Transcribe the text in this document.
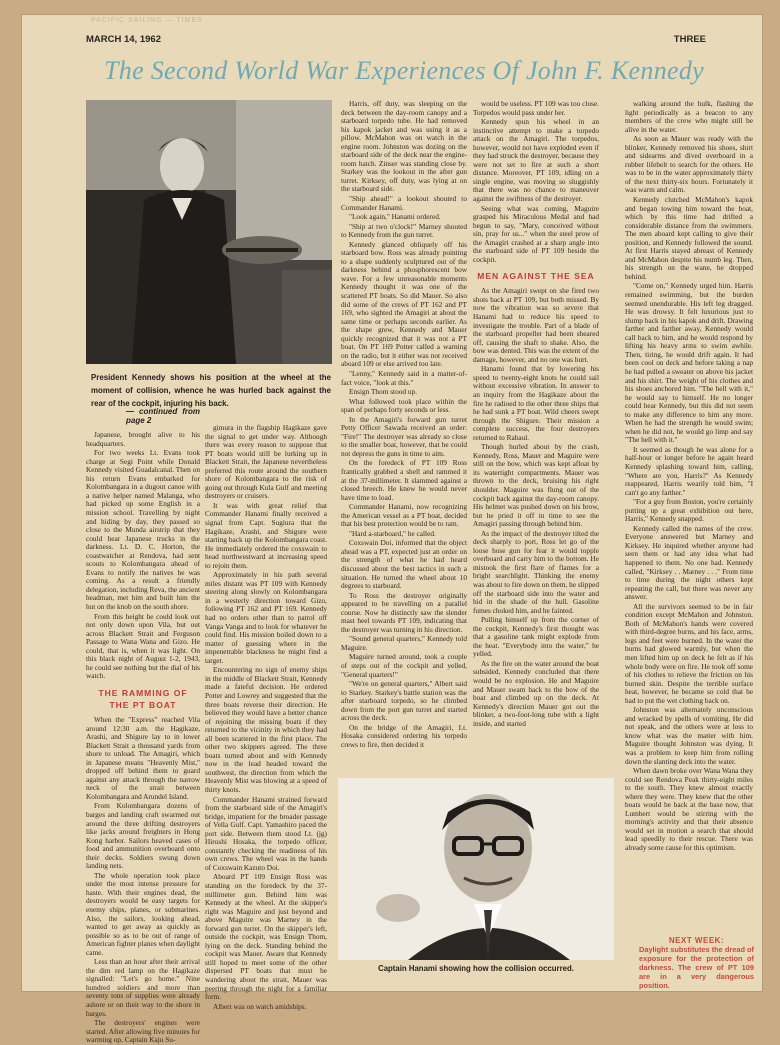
PACIFIC SAILING — TIMES
MARCH 14, 1962	THREE
The Second World War Experiences Of John F. Kennedy
President Kennedy shows his position at the wheel at the moment of collision, whence he was hurled back against the rear of the cockpit, injuring his back.
— continued from page 2

Japanese, brought alive to his headquarters.

For two weeks Lt. Evans took charge at Segi Point while Donald Kennedy visited Guadalcanal. Then on his return Evans embarked for Kolombangara in a dugout canoe with a native helper named Malanga, who had picked up some English in a mission school. Travelling by night and hiding by day, they passed so close to the Munda airstrip that they could hear Japanese trucks in the darkness. Lt. D. C. Horton, the coastwatcher at Rendova, had sent scouts to Kolombangara ahead of Evans to notify the natives he was coming. As a result a friendly delegation, including Reva, the ancient headman, met him and built him the hut on the knob on the south shore.

From this height he could look out not only down upon Vila, but out across Blackett Strait and Ferguson Passage to Wana Wana and Gizo. He could, that is, when it was light. On this black night of August 1-2, 1943, he could see nothing but the dial of his watch.

THE RAMMING OF THE PT BOAT

When the "Express" reached Vila around 12:30 a.m. the Hagikaze, Arashi, and Shigure lay to in lower Blackett Strait a thousand yards from shore to unload. The Amagiri, which in Japanese means "Heavenly Mist," dropped off behind them to guard against any attack through the narrow neck of the strait between Kolombangara and Arundel Island.

From Kolombangara dozens of barges and landing craft swarmed out around the three drifting destroyers like jacks around freighters in Hong Kong harbor. Sailors heaved cases of food and ammunition overboard onto their decks. Soldiers swung down landing nets.

The whole operation took place under the most intense pressure for haste. With their engines dead, the destroyers would be easy targets for enemy ships, planes, or submarines. Also, the sailors, looking ahead, wanted to get away as quickly as possible so as to be out of range of American fighter planes when daylight came.

Less than an hour after their arrival the dim red lamp on the Hagikaze signalled: "Let's go home." Nine hundred soldiers and more than seventy tons of supplies were already ashore or on their way to the shore in barges.

The destroyers' engines were started. After allowing five minutes for warming up, Captain Kaju Su-

gimura in the flagship Hagikaze gave the signal to get under way. Although there was every reason to suppose that PT boats would still be lurking up in Blackett Strait, the Japanese nevertheless preferred this route around the southern shore of Kolombangara to the risk of going out through Kula Gulf and meeting destroyers or cruisers.

It was with great relief that Commander Hanami finally received a signal from Capt. Sugiura that the Hagikaze, Arashi, and Shigure were starting back up the Kolombangara coast. He immediately ordered the coxswain to head northwestward at increasing speed to rejoin them.

Approximately in his path several miles distant was PT 109 with Kennedy steering along slowly on Kolombangara in a westerly direction toward Gizo, following PT 162 and PT 169. Kennedy had no orders other than to patrol off Vanga Vanga and to look for whatever he could find. His mission boiled down to a matter of guessing where in the impenetrable blackness he might find a target.

Encountering no sign of enemy ships in the middle of Blackett Strait, Kennedy made a fateful decision. He ordered Potter and Lowrey and suggested that the three boats reverse their direction. He believed they would have a better chance of rejoining the missing boats if they returned to the vicinity in which they had all been scattered in the first place. The other two skippers agreed. The three boats turned about and with Kennedy now in the lead headed toward the southwest, the direction from which the Heavenly Mist was blowing at a speed of thirty knots.

Commander Hanami strained forward from the starboard side of the Amagiri's bridge, impatient for the broader passage of Vella Gulf. Capt. Yamashiro paced the port side. Between them stood Lt. (jg) Hiroshi Hosaka, the torpedo officer, constantly checking the readiness of his own crews. The wheel was in the hands of Coxswain Kazuto Doi.

Aboard PT 109 Ensign Ross was standing on the foredeck by the 37-millimeter gun. Behind him was Kennedy at the wheel. At the skipper's right was Maguire and just beyond and above Maguire was Marney in the forward gun turret. On the skipper's left, outside the cockpit, was Ensign Thom, lying on the deck. Standing behind the cockpit was Mauer. Aware that Kennedy still hoped to meet some of the other dispersed PT boats that must be wandering about the strait, Mauer was peering through the night for a familiar form.

Albert was on watch amidships.

Harris, off duty, was sleeping on the deck between the day-room canopy and a starboard torpedo tube. He had removed his kapok jacket and was using it as a pillow. McMahon was on watch in the engine room. Johnston was dozing on the starboard side of the deck near the engine-room hatch. Zinser was standing close by. Starkey was the lookout in the after gun turret. Kirksey, off duty, was lying at on the starboard side.

"Ship ahead!" a lookout shouted to Commander Hanami.

"Look again," Hanami ordered.

"Ship at two o'clock!" Marney shouted to Kennedy from the gun turret.

Kennedy glanced obliquely off his starboard bow. Ross was already pointing to a shape suddenly sculptured out of the darkness behind a phosphorescent bow wave. For a few unreasonable moments Kennedy thought it was one of the scattered PT boats. So did Mauer. So also did some of the crews of PT 162 and PT 169, who sighted the Amagiri at about the same time or perhaps seconds earlier. As the shape grew, Kennedy and Mauer quickly recognized that it was not a PT boat. On PT 169 Potter called a warning on the radio, but it either was not received aboard 109 or else arrived too late.

"Lenny," Kennedy said in a matter-of-fact voice, "look at this."

Ensign Thom stood up.

What followed took place within the span of perhaps forty seconds or less.

In the Amagiri's forward gun turret Petty Officer Sawada received an order: "Fire!" The destroyer was already so close to the smaller boat, however, that he could not depress the guns in time to aim.

On the foredeck of PT 109 Ross frantically grabbed a shell and rammed it at the 37-millimeter. It slammed against a closed breech. He knew he would never have time to load.

Commander Hanami, now recognizing the American vessel as a PT boat, decided that his best protection would be to ram.

"Hard a-starboard," he called.

Coxswain Doi, informed that the object ahead was a PT, expected just an order on the strength of what he had heard discussed about the best tactics in such a situation. He turned the wheel about 10 degrees to starboard.

To Ross the destroyer originally appeared to be travelling on a parallel course. Now he distinctly saw the slender mast heel towards PT 109, indicating that the destroyer was turning in his direction.

"Sound general quarters," Kennedy told Maguire.

Maguire turned around, took a couple of steps out of the cockpit and yelled, "General quarters!"

"We're on general quarters," Albert said to Starkey. Starkey's battle station was the after starboard torpedo, so he climbed down from the port gun turret and started across the deck.

On the bridge of the Amagiri, Lt. Hosaka considered ordering his torpedo crews to fire, then decided it

would be useless. PT 109 was too close. Torpedos would pass under her.

Kennedy spun his wheel in an instinctive attempt to make a torpedo attack on the Amagiri. The torpedos, however, would not have exploded even if they had struck the destroyer, because they were not set to fire at such a short distance. Moreover, PT 109, idling on a single engine, was moving so sluggishly that there was no chance to maneuver against the swiftness of the destroyer.

Seeing what was coming, Maguire grasped his Miraculous Medal and had begun to say, "Mary, conceived without sin, pray for us..." when the steel prow of the Amagiri crashed at a sharp angle into the starboard side of PT 109 beside the cockpit.

MEN AGAINST THE SEA

As the Amagiri swept on she fired two shots back at PT 109, but both missed. By now the vibration was so severe that Hanami had to reduce his speed to investigate the trouble. Part of a blade of the starboard propeller had been sheared off, causing the shaft to shake. Also, the bow was dented. This was the extent of the damage, however, and no one was hurt.

Hanami found that by lowering his speed to twenty-eight knots he could sail without excessive vibration. In answer to an inquiry from the Hagikaze about the fire he radioed to the other three ships that he had sunk a PT boat. Wild cheers swept through the Shigure. Their mission a complete success, the four destroyers returned to Rabaul.

Though hurled about by the crash, Kennedy, Ross, Mauer and Maguire were still on the bow, which was kept afloat by its watertight compartments. Mauer was thrown to the deck, bruising his right shoulder. Maguire was flung out of the cockpit back against the day-room canopy. His helmet was pushed down on his brow, but he pried it off in time to see the Amagiri passing through behind him.

As the impact of the destroyer tilted the deck sharply to port, Ross let go of the loose hose gun for fear it would topple overboard and carry him to the bottom. He mistook the first flare of flames for a bright searchlight. Thinking the enemy was about to fire down on them, he slipped off the starboard side into the water and hid in the shade of the hull. Gasoline fumes choked him, and he fainted.

Pulling himself up from the corner of the cockpit, Kennedy's first thought was that a gasoline tank might explode from the heat. "Everybody into the water," he yelled.

As the fire on the water around the boat subsided, Kennedy concluded that there would be no explosion. He and Maguire and Mauer swam back to the bow of the boat and climbed up on the deck. At Kennedy's direction Mauer got out the blinker, a two-foot-long tube with a light inside, and started

Captain Hanami showing how the collision occurred.

walking around the hulk, flashing the light periodically as a beacon to any members of the crew who might still be alive in the water.

As soon as Mauer was ready with the blinker, Kennedy removed his shoes, shirt and sidearms and dived overboard in a rubber lifebelt to search for the others. He was to be in the water approximately thirty of the next thirty-six hours. Fortunately it was warm and calm.

Kennedy clutched McMahon's kapok and began towing him toward the boat, which by this time had drifted a considerable distance from the swimmers. The men aboard kept calling to give their position, and Kennedy followed the sound. At first Harris stayed abreast of Kennedy and McMahon despite his numb leg. Then, his strength on the wane, he dropped behind.

"Come on," Kennedy urged him. Harris remained swimming, but the burden seemed unendurable. His left leg dragged. He was drowsy. It felt luxurious just to slump back in his kapok and drift. Drawing farther and farther away, Kennedy would call back to him, and he would respond by lifting his heavy arms to swim awhile. Then, tiring, he would drift again. It had been cool on deck and before taking a nap he had pulled a sweater on above his jacket and his shirt. The weight of his clothes and his shoes anchored him. "The hell with it," he would say to himself. He no longer could hear Kennedy, but this did not seem to make any difference to him any more. When he had the strength he would swim; when he did not, he would go limp and say "The hell with it."

It seemed as though he was alone for a half-hour or longer before he again heard Kennedy splashing toward him, calling, "Where are you, Harris?" As Kennedy reappeared, Harris wearily told him, "I can't go any farther."

"For a guy from Boston, you're certainly putting up a great exhibition out here, Harris," Kennedy snapped.

Kennedy called the names of the crew. Everyone answered but Marney and Kirksey. He inquired whether anyone had seen them or had any idea what had happened to them. No one had. Kennedy called, "Kirksey . . Marney . . ." From time to time during the night others kept repeating the call, but there was never any answer.

All the survivors seemed to be in fair condition except McMahon and Johnston. Both of McMahon's hands were covered with third-degree burns, and his face, arms, legs and feet were burned. In the water the burns had glowed warmly, but when the men lifted him up on deck he felt as if his whole body were on fire. He took off some of his clothes to relieve the friction on his burned skin. Despite the terrible surface heat, however, he became so cold that he had to put the wet clothing back on.

Johnston was alternately unconscious and wracked by spells of vomiting. He did not speak, and the others were at loss to know what was the matter with him. Maguire thought Johnston was dying. It was a problem to keep him from rolling down the slanting deck into the water.

When dawn broke over Wana Wana they could see Rendova Peak thirty-eight miles to the south. They knew almost exactly where they were. They knew that the other boats would be back at the base now, that Lumbert would be stirring with the morning's activity and that their absence would set in motion a search that should lead speedily to their rescue. There was already some cause for this optimism.

NEXT WEEK:
Daylight substitutes the dread of exposure for the protection of darkness. The crew of PT 109 are in a very dangerous position.
